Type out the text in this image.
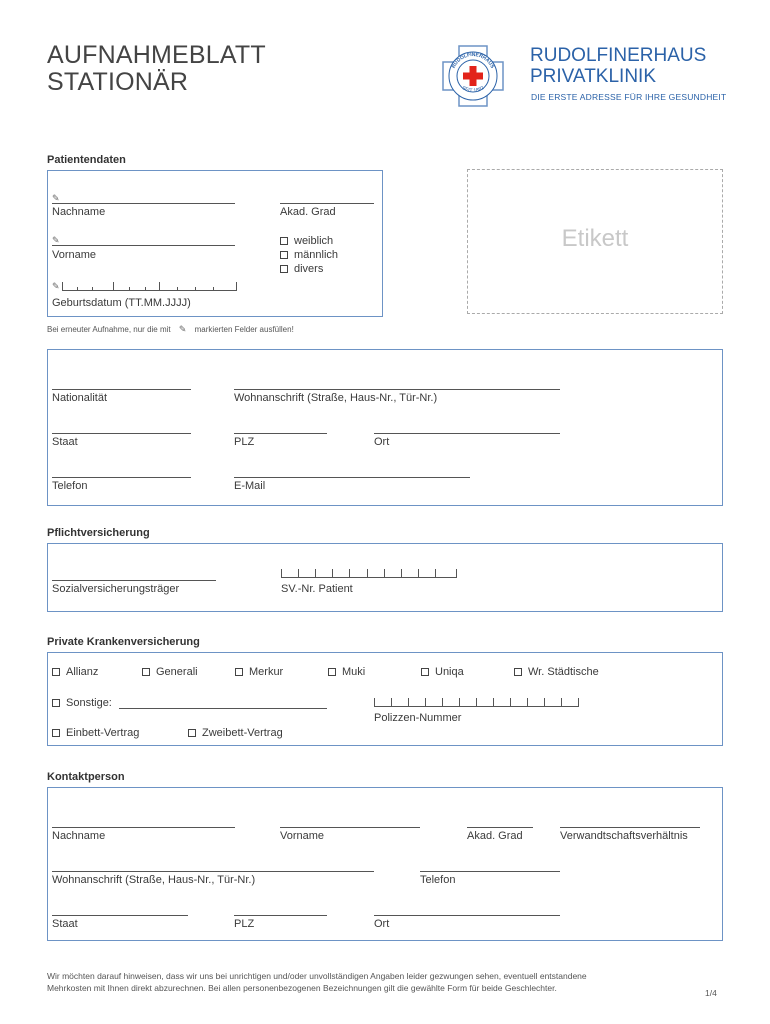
AUFNAHMEBLATT
STATIONÄR
RUDOLFINERHAUS
SEIT 1882
RUDOLFINERHAUS
PRIVATKLINIK
DIE ERSTE ADRESSE FÜR IHRE GESUNDHEIT
Patientendaten
✎
Nachname	Akad. Grad
✎
Vorname
weiblich
männlich
divers
✎
Geburtsdatum (TT.MM.JJJJ)
Etikett
Bei erneuter Aufnahme, nur die mit ✎ markierten Felder ausfüllen!
Nationalität	Wohnanschrift (Straße, Haus-Nr., Tür-Nr.)
Staat	PLZ	Ort
Telefon	E-Mail
Pflichtversicherung
Sozialversicherungsträger	SV.-Nr. Patient
Private Krankenversicherung
Allianz	Generali	Merkur	Muki	Uniqa	Wr. Städtische
Sonstige:
Polizzen-Nummer
Einbett-Vertrag	Zweibett-Vertrag
Kontaktperson
Nachname	Vorname	Akad. Grad	Verwandtschaftsverhältnis
Wohnanschrift (Straße, Haus-Nr., Tür-Nr.)	Telefon
Staat	PLZ	Ort
Wir möchten darauf hinweisen, dass wir uns bei unrichtigen und/oder unvollständigen Angaben leider gezwungen sehen, eventuell entstandene
Mehrkosten mit Ihnen direkt abzurechnen. Bei allen personenbezogenen Bezeichnungen gilt die gewählte Form für beide Geschlechter.	1/4
